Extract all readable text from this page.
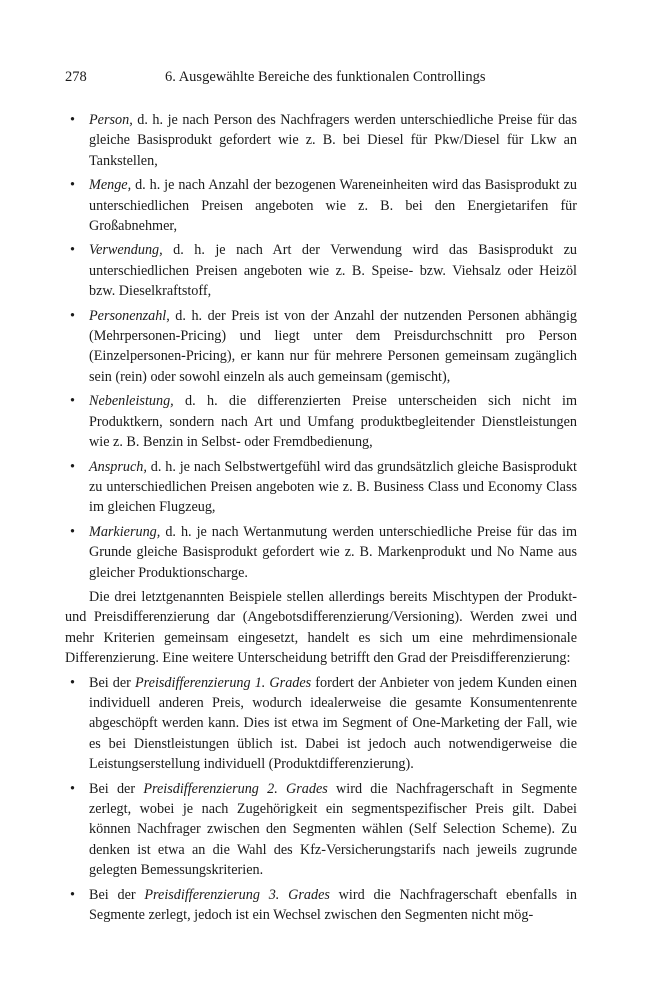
278	6. Ausgewählte Bereiche des funktionalen Controllings
• Person, d. h. je nach Person des Nachfragers werden unterschiedliche Preise für das gleiche Basisprodukt gefordert wie z. B. bei Diesel für Pkw/Diesel für Lkw an Tankstellen,
• Menge, d. h. je nach Anzahl der bezogenen Wareneinheiten wird das Basisprodukt zu unterschiedlichen Preisen angeboten wie z. B. bei den Energietarifen für Großabnehmer,
• Verwendung, d. h. je nach Art der Verwendung wird das Basisprodukt zu unterschiedlichen Preisen angeboten wie z. B. Speise- bzw. Viehsalz oder Heizöl bzw. Dieselkraftstoff,
• Personenzahl, d. h. der Preis ist von der Anzahl der nutzenden Personen abhängig (Mehrpersonen-Pricing) und liegt unter dem Preisdurchschnitt pro Person (Einzelpersonen-Pricing), er kann nur für mehrere Personen gemeinsam zugänglich sein (rein) oder sowohl einzeln als auch gemeinsam (gemischt),
• Nebenleistung, d. h. die differenzierten Preise unterscheiden sich nicht im Produktkern, sondern nach Art und Umfang produktbegleitender Dienstleistungen wie z. B. Benzin in Selbst- oder Fremdbedienung,
• Anspruch, d. h. je nach Selbstwertgefühl wird das grundsätzlich gleiche Basisprodukt zu unterschiedlichen Preisen angeboten wie z. B. Business Class und Economy Class im gleichen Flugzeug,
• Markierung, d. h. je nach Wertanmutung werden unterschiedliche Preise für das im Grunde gleiche Basisprodukt gefordert wie z. B. Markenprodukt und No Name aus gleicher Produktionscharge.

Die drei letztgenannten Beispiele stellen allerdings bereits Mischtypen der Produkt- und Preisdifferenzierung dar (Angebotsdifferenzierung/Versioning). Werden zwei und mehr Kriterien gemeinsam eingesetzt, handelt es sich um eine mehrdimensionale Differenzierung. Eine weitere Unterscheidung betrifft den Grad der Preisdifferenzierung:

• Bei der Preisdifferenzierung 1. Grades fordert der Anbieter von jedem Kunden einen individuell anderen Preis, wodurch idealerweise die gesamte Konsumentenrente abgeschöpft werden kann. Dies ist etwa im Segment of One-Marketing der Fall, wie es bei Dienstleistungen üblich ist. Dabei ist jedoch auch notwendigerweise die Leistungserstellung individuell (Produktdifferenzierung).
• Bei der Preisdifferenzierung 2. Grades wird die Nachfragerschaft in Segmente zerlegt, wobei je nach Zugehörigkeit ein segmentspezifischer Preis gilt. Dabei können Nachfrager zwischen den Segmenten wählen (Self Selection Scheme). Zu denken ist etwa an die Wahl des Kfz-Versicherungstarifs nach jeweils zugrunde gelegten Bemessungskriterien.
• Bei der Preisdifferenzierung 3. Grades wird die Nachfragerschaft ebenfalls in Segmente zerlegt, jedoch ist ein Wechsel zwischen den Segmenten nicht mög-
